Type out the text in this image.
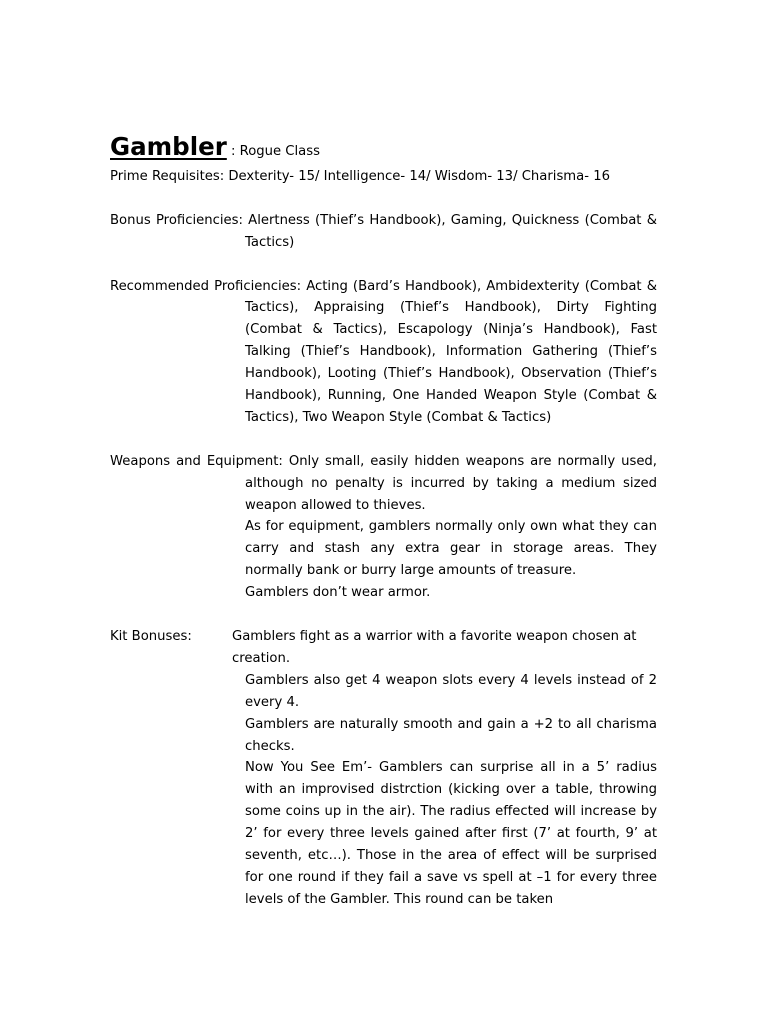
Gambler : Rogue Class

Prime Requisites: Dexterity- 15/ Intelligence- 14/ Wisdom- 13/ Charisma- 16

Bonus Proficiencies: Alertness (Thief’s Handbook), Gaming, Quickness (Combat & Tactics)

Recommended Proficiencies: Acting (Bard’s Handbook), Ambidexterity (Combat & Tactics), Appraising (Thief’s Handbook), Dirty Fighting (Combat & Tactics), Escapology (Ninja’s Handbook), Fast Talking (Thief’s Handbook), Information Gathering (Thief’s Handbook), Looting (Thief’s Handbook), Observation (Thief’s Handbook), Running, One Handed Weapon Style (Combat & Tactics), Two Weapon Style (Combat & Tactics)

Weapons and Equipment: Only small, easily hidden weapons are normally used, although no penalty is incurred by taking a medium sized weapon allowed to thieves.

As for equipment, gamblers normally only own what they can carry and stash any extra gear in storage areas. They normally bank or burry large amounts of treasure.

Gamblers don’t wear armor.

Kit Bonuses:	Gamblers fight as a warrior with a favorite weapon chosen at

creation.

Gamblers also get 4 weapon slots every 4 levels instead of 2 every 4.

Gamblers are naturally smooth and gain a +2 to all charisma checks.

Now You See Em’- Gamblers can surprise all in a 5’ radius with an improvised distrction (kicking over a table, throwing some coins up in the air). The radius effected will increase by 2’ for every three levels gained after first (7’ at fourth, 9’ at seventh, etc…). Those in the area of effect will be surprised for one round if they fail a save vs spell at –1 for every three levels of the Gambler. This round can be taken
